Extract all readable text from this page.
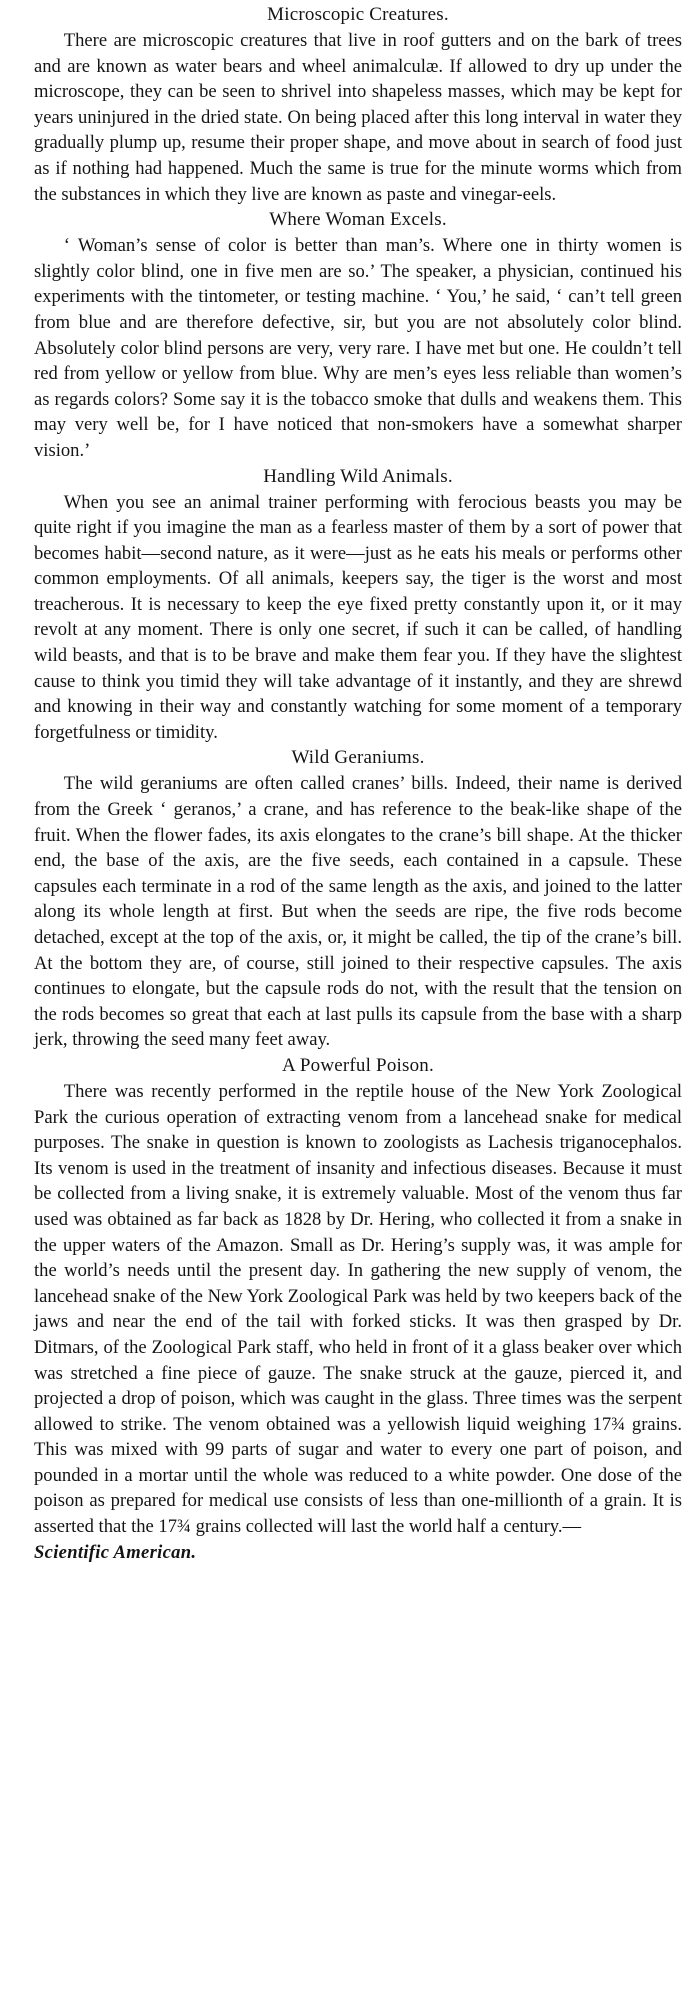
Microscopic Creatures.

There are microscopic creatures that live in roof gutters and on the bark of trees and are known as water bears and wheel animalculæ. If allowed to dry up under the microscope, they can be seen to shrivel into shapeless masses, which may be kept for years uninjured in the dried state. On being placed after this long interval in water they gradually plump up, resume their proper shape, and move about in search of food just as if nothing had happened. Much the same is true for the minute worms which from the substances in which they live are known as paste and vinegar-eels.

Where Woman Excels.

‘ Woman’s sense of color is better than man’s. Where one in thirty women is slightly color blind, one in five men are so.’ The speaker, a physician, continued his experiments with the tintometer, or testing machine. ‘ You,’ he said, ‘ can’t tell green from blue and are therefore defective, sir, but you are not absolutely color blind. Absolutely color blind persons are very, very rare. I have met but one. He couldn’t tell red from yellow or yellow from blue. Why are men’s eyes less reliable than women’s as regards colors? Some say it is the tobacco smoke that dulls and weakens them. This may very well be, for I have noticed that non-smokers have a somewhat sharper vision.’

Handling Wild Animals.

When you see an animal trainer performing with ferocious beasts you may be quite right if you imagine the man as a fearless master of them by a sort of power that becomes habit—second nature, as it were—just as he eats his meals or performs other common employments. Of all animals, keepers say, the tiger is the worst and most treacherous. It is necessary to keep the eye fixed pretty constantly upon it, or it may revolt at any moment. There is only one secret, if such it can be called, of handling wild beasts, and that is to be brave and make them fear you. If they have the slightest cause to think you timid they will take advantage of it instantly, and they are shrewd and knowing in their way and constantly watching for some moment of a temporary forgetfulness or timidity.

Wild Geraniums.

The wild geraniums are often called cranes’ bills. Indeed, their name is derived from the Greek ‘ geranos,’ a crane, and has reference to the beak-like shape of the fruit. When the flower fades, its axis elongates to the crane’s bill shape. At the thicker end, the base of the axis, are the five seeds, each contained in a capsule. These capsules each terminate in a rod of the same length as the axis, and joined to the latter along its whole length at first. But when the seeds are ripe, the five rods become detached, except at the top of the axis, or, it might be called, the tip of the crane’s bill. At the bottom they are, of course, still joined to their respective capsules. The axis continues to elongate, but the capsule rods do not, with the result that the tension on the rods becomes so great that each at last pulls its capsule from the base with a sharp jerk, throwing the seed many feet away.

A Powerful Poison.

There was recently performed in the reptile house of the New York Zoological Park the curious operation of extracting venom from a lancehead snake for medical purposes. The snake in question is known to zoologists as Lachesis triganocephalos. Its venom is used in the treatment of insanity and infectious diseases. Because it must be collected from a living snake, it is extremely valuable. Most of the venom thus far used was obtained as far back as 1828 by Dr. Hering, who collected it from a snake in the upper waters of the Amazon. Small as Dr. Hering’s supply was, it was ample for the world’s needs until the present day. In gathering the new supply of venom, the lancehead snake of the New York Zoological Park was held by two keepers back of the jaws and near the end of the tail with forked sticks. It was then grasped by Dr. Ditmars, of the Zoological Park staff, who held in front of it a glass beaker over which was stretched a fine piece of gauze. The snake struck at the gauze, pierced it, and projected a drop of poison, which was caught in the glass. Three times was the serpent allowed to strike. The venom obtained was a yellowish liquid weighing 17¾ grains. This was mixed with 99 parts of sugar and water to every one part of poison, and pounded in a mortar until the whole was reduced to a white powder. One dose of the poison as prepared for medical use consists of less than one-millionth of a grain. It is asserted that the 17¾ grains collected will last the world half a century.—
Scientific American.
